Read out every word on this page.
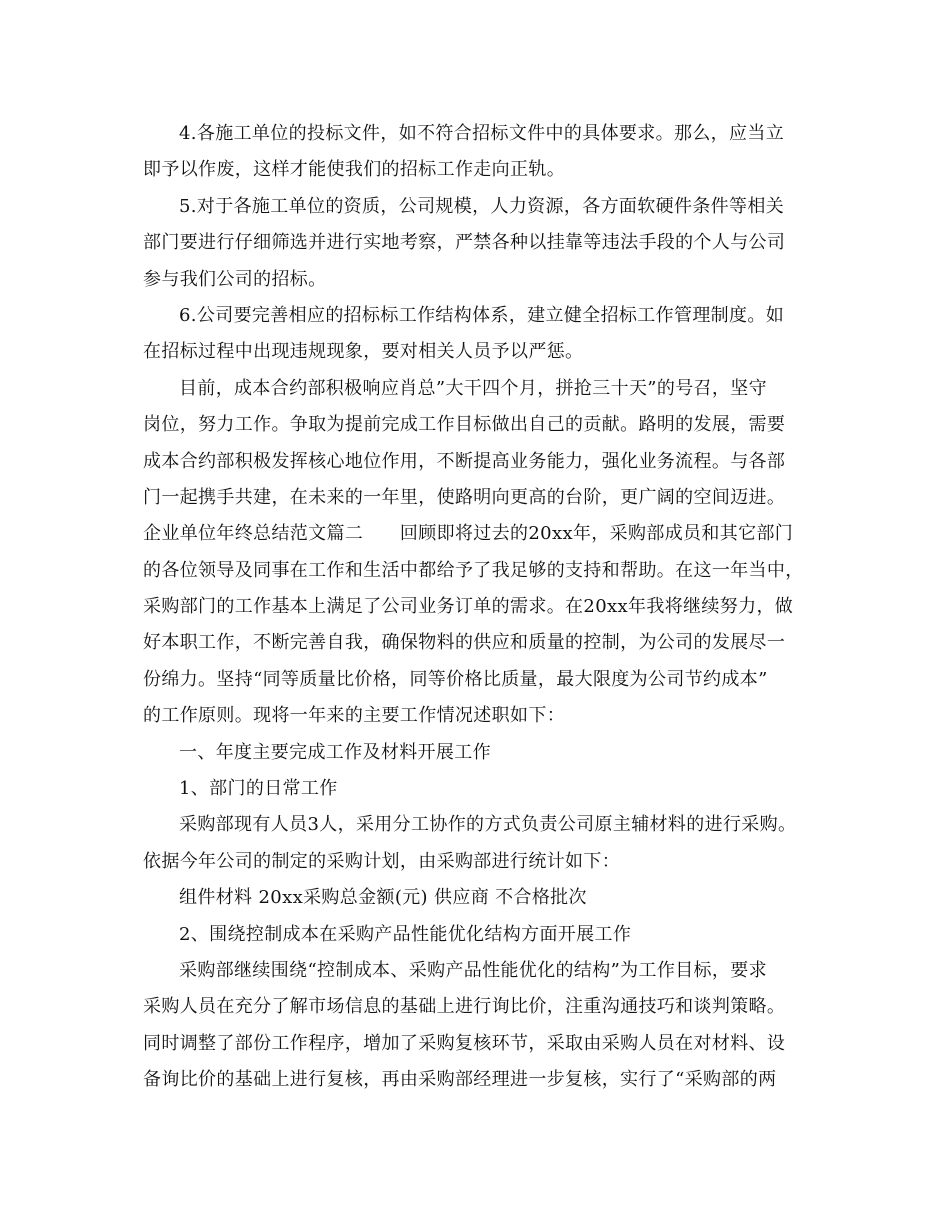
4.各施工单位的投标文件，如不符合招标文件中的具体要求。那么，应当立
即予以作废，这样才能使我们的招标工作走向正轨。
5.对于各施工单位的资质，公司规模，人力资源，各方面软硬件条件等相关
部门要进行仔细筛选并进行实地考察，严禁各种以挂靠等违法手段的个人与公司
参与我们公司的招标。
6.公司要完善相应的招标标工作结构体系，建立健全招标工作管理制度。如
在招标过程中出现违规现象，要对相关人员予以严惩。
目前，成本合约部积极响应肖总”大干四个月，拼抢三十天”的号召，坚守
岗位，努力工作。争取为提前完成工作目标做出自己的贡献。路明的发展，需要
成本合约部积极发挥核心地位作用，不断提高业务能力，强化业务流程。与各部
门一起携手共建，在未来的一年里，使路明向更高的台阶，更广阔的空间迈进。
企业单位年终总结范文篇二　　回顾即将过去的20xx年，采购部成员和其它部门
的各位领导及同事在工作和生活中都给予了我足够的支持和帮助。在这一年当中，
采购部门的工作基本上满足了公司业务订单的需求。在20xx年我将继续努力，做
好本职工作，不断完善自我，确保物料的供应和质量的控制，为公司的发展尽一
份绵力。坚持“同等质量比价格，同等价格比质量，最大限度为公司节约成本”
的工作原则。现将一年来的主要工作情况述职如下：
一、年度主要完成工作及材料开展工作
1、部门的日常工作
采购部现有人员3人，采用分工协作的方式负责公司原主辅材料的进行采购。
依据今年公司的制定的采购计划，由采购部进行统计如下：
组件材料 20xx采购总金额(元) 供应商 不合格批次
2、围绕控制成本在采购产品性能优化结构方面开展工作
采购部继续围绕“控制成本、采购产品性能优化的结构”为工作目标，要求
采购人员在充分了解市场信息的基础上进行询比价，注重沟通技巧和谈判策略。
同时调整了部份工作程序，增加了采购复核环节，采取由采购人员在对材料、设
备询比价的基础上进行复核，再由采购部经理进一步复核，实行了“采购部的两
